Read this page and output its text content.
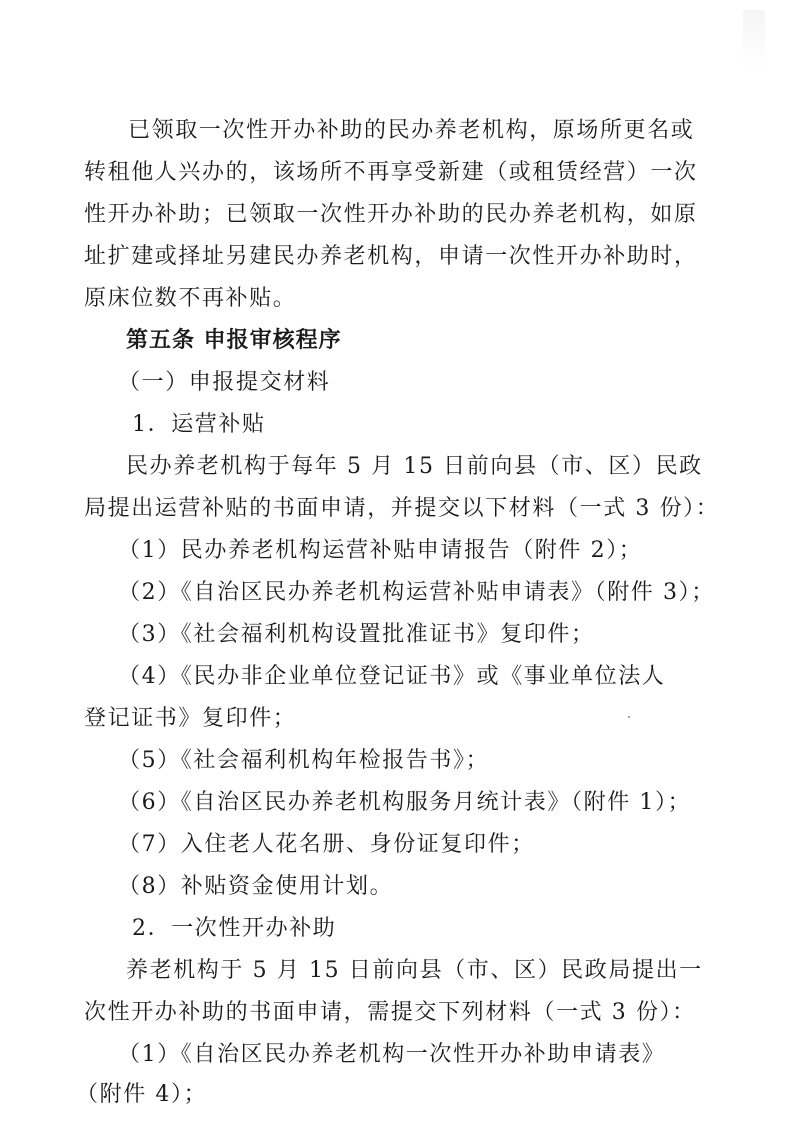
已领取一次性开办补助的民办养老机构，原场所更名或
转租他人兴办的，该场所不再享受新建（或租赁经营）一次
性开办补助；已领取一次性开办补助的民办养老机构，如原
址扩建或择址另建民办养老机构，申请一次性开办补助时，
原床位数不再补贴。
第五条 申报审核程序
（一）申报提交材料
1．运营补贴
民办养老机构于每年 5 月 15 日前向县（市、区）民政
局提出运营补贴的书面申请，并提交以下材料（一式 3 份）：
（1）民办养老机构运营补贴申请报告（附件 2）；
（2）《自治区民办养老机构运营补贴申请表》（附件 3）；
（3）《社会福利机构设置批准证书》复印件；
（4）《民办非企业单位登记证书》或《事业单位法人
登记证书》复印件；
（5）《社会福利机构年检报告书》；
（6）《自治区民办养老机构服务月统计表》（附件 1）；
（7）入住老人花名册、身份证复印件；
（8）补贴资金使用计划。
2．一次性开办补助
养老机构于 5 月 15 日前向县（市、区）民政局提出一
次性开办补助的书面申请，需提交下列材料（一式 3 份）：
（1）《自治区民办养老机构一次性开办补助申请表》
（附件 4）；
